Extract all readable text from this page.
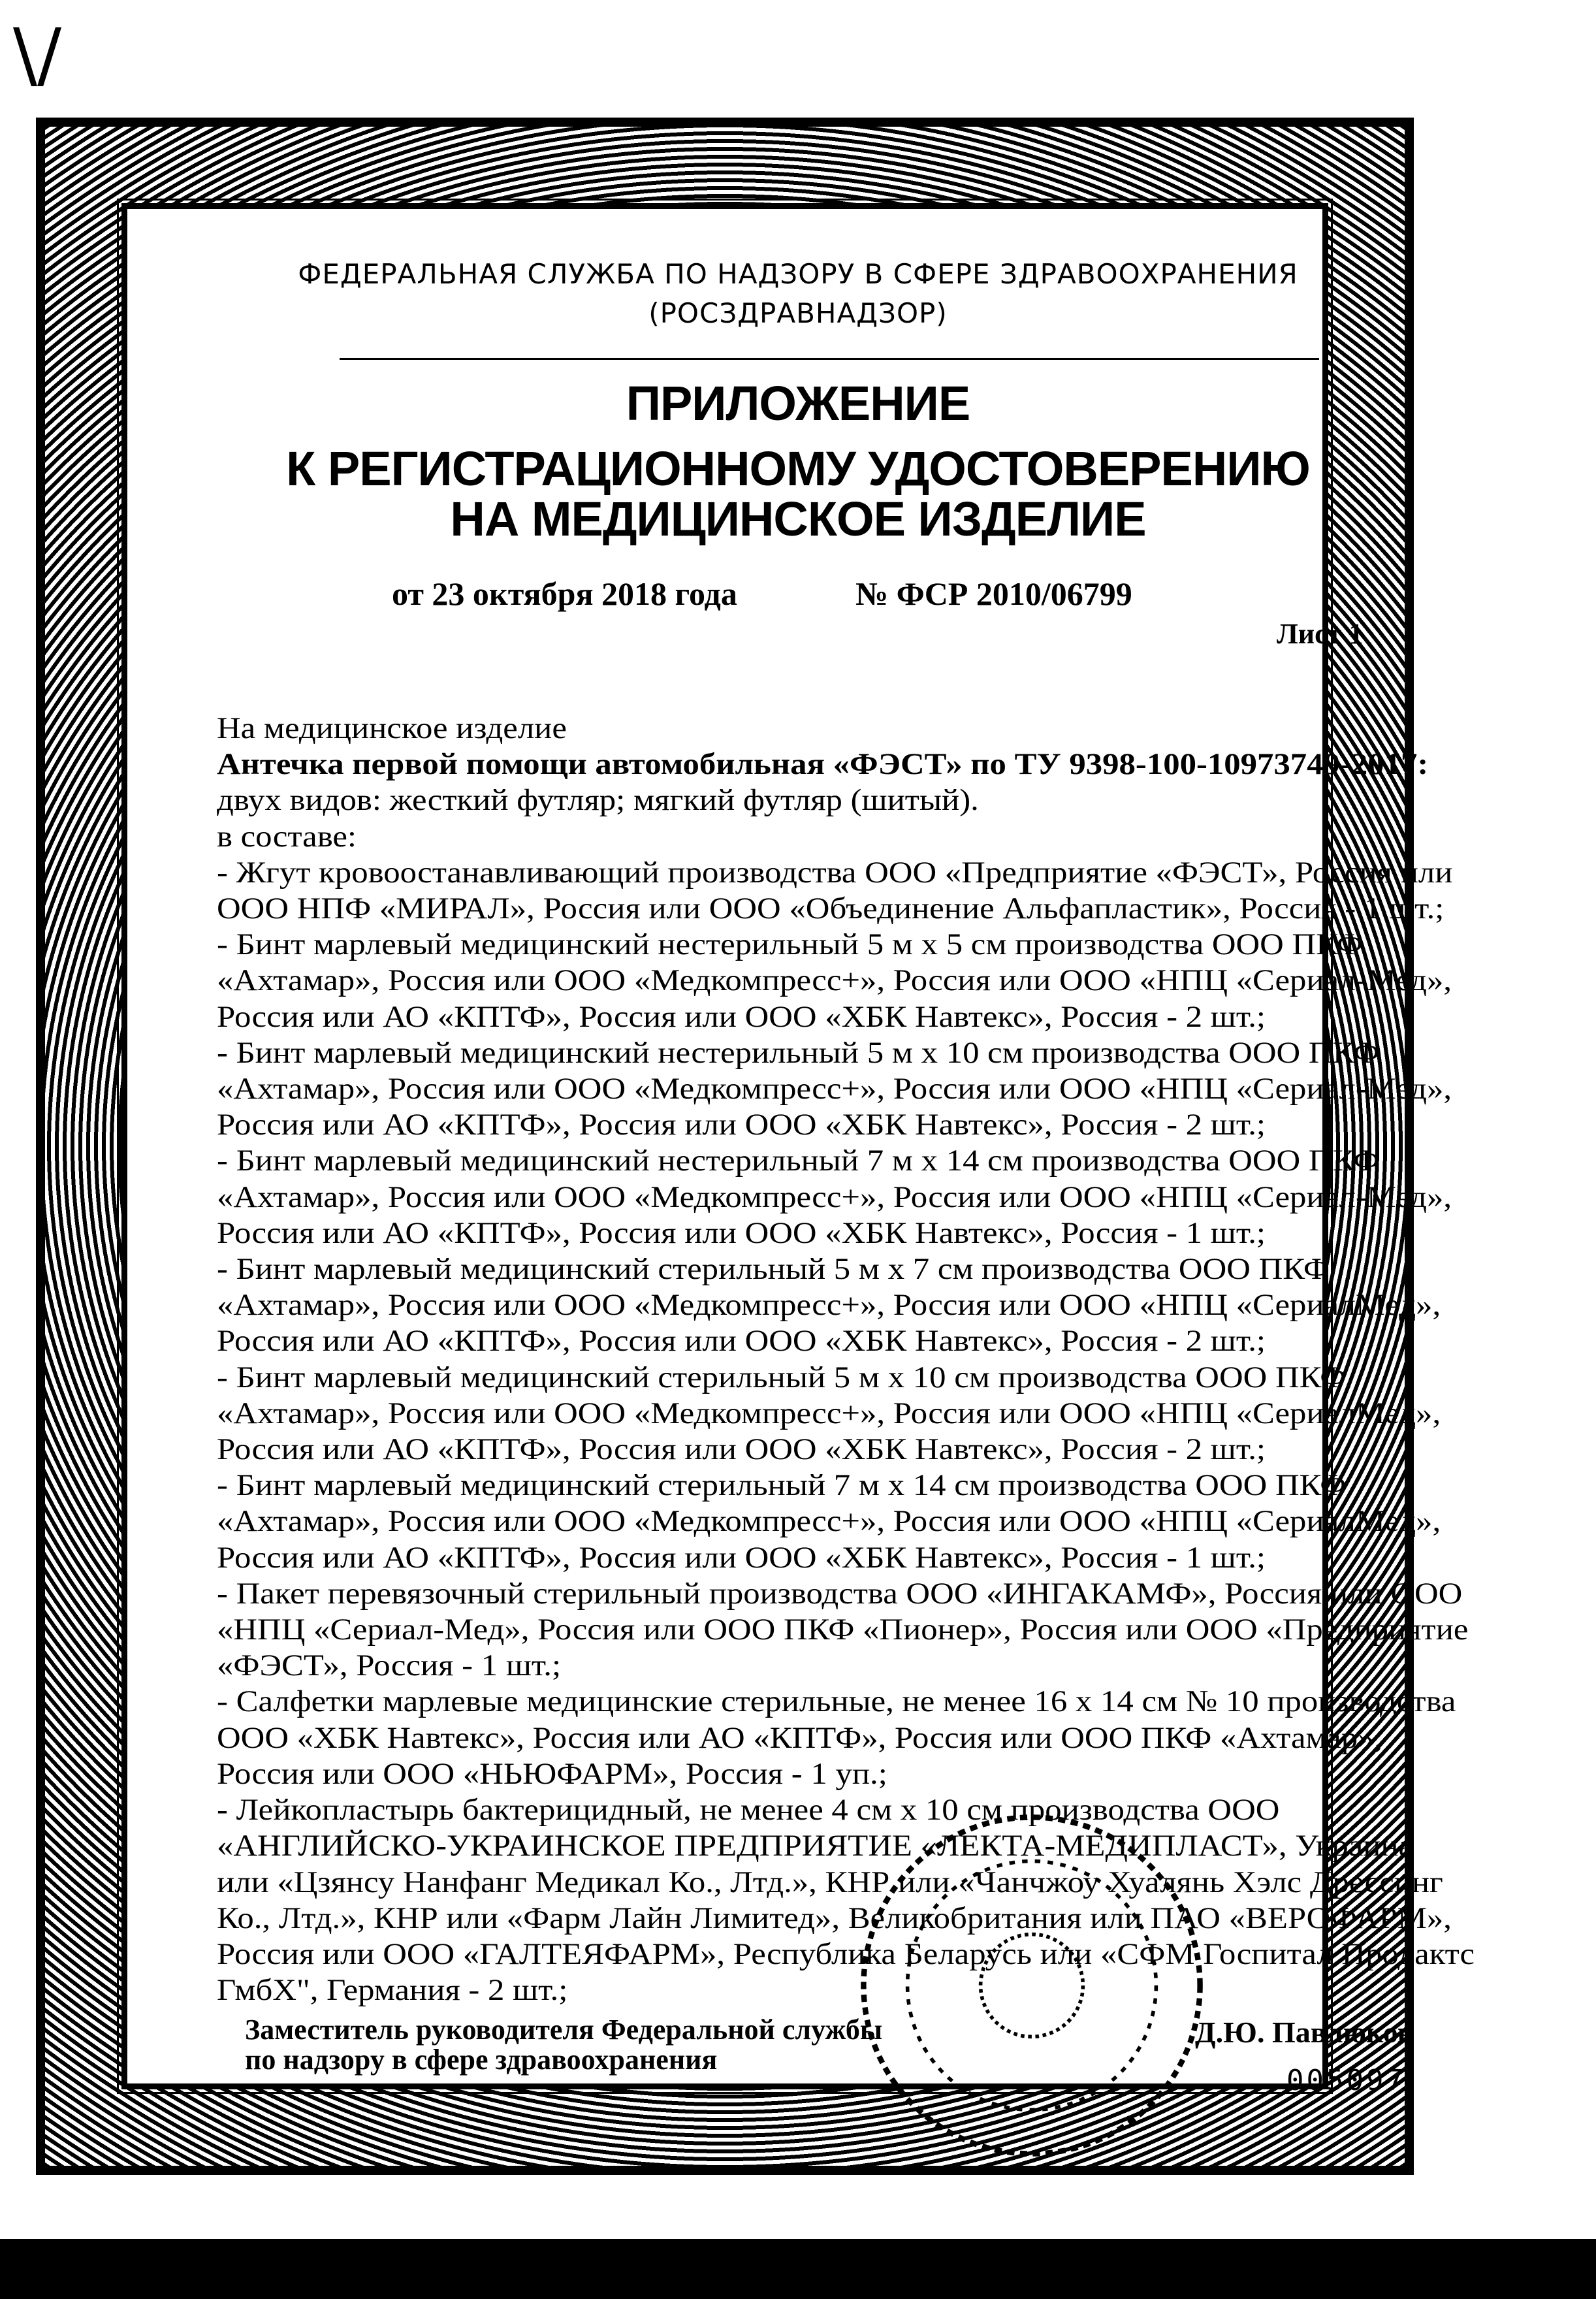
\/
ФЕДЕРАЛЬНАЯ СЛУЖБА ПО НАДЗОРУ В СФЕРЕ ЗДРАВООХРАНЕНИЯ
(РОСЗДРАВНАДЗОР)
ПРИЛОЖЕНИЕ
К РЕГИСТРАЦИОННОМУ УДОСТОВЕРЕНИЮ
НА МЕДИЦИНСКОЕ ИЗДЕЛИЕ
от 23 октября 2018 года	№ ФСР 2010/06799
Лист 1
На медицинское изделие
Антечка первой помощи автомобильная «ФЭСТ» по ТУ 9398-100-10973749-2017:
двух видов: жесткий футляр; мягкий футляр (шитый).
в составе:
- Жгут кровоостанавливающий производства ООО «Предприятие «ФЭСТ», Россия или
ООО НПФ «МИРАЛ», Россия или ООО «Объединение Альфапластик», Россия - 1 шт.;
- Бинт марлевый медицинский нестерильный 5 м х 5 см производства ООО ПКФ
«Ахтамар», Россия или ООО «Медкомпресс+», Россия или ООО «НПЦ «Сериал-Мед»,
Россия или АО «КПТФ», Россия или ООО «ХБК Навтекс», Россия - 2 шт.;
- Бинт марлевый медицинский нестерильный 5 м х 10 см производства ООО ПКФ
«Ахтамар», Россия или ООО «Медкомпресс+», Россия или ООО «НПЦ «Сериал-Мед»,
Россия или АО «КПТФ», Россия или ООО «ХБК Навтекс», Россия - 2 шт.;
- Бинт марлевый медицинский нестерильный 7 м х 14 см производства ООО ПКФ
«Ахтамар», Россия или ООО «Медкомпресс+», Россия или ООО «НПЦ «Сериал-Мед»,
Россия или АО «КПТФ», Россия или ООО «ХБК Навтекс», Россия - 1 шт.;
- Бинт марлевый медицинский стерильный 5 м х 7 см производства ООО ПКФ
«Ахтамар», Россия или ООО «Медкомпресс+», Россия или ООО «НПЦ «СериалМед»,
Россия или АО «КПТФ», Россия или ООО «ХБК Навтекс», Россия - 2 шт.;
- Бинт марлевый медицинский стерильный 5 м х 10 см производства ООО ПКФ
«Ахтамар», Россия или ООО «Медкомпресс+», Россия или ООО «НПЦ «СериалМед»,
Россия или АО «КПТФ», Россия или ООО «ХБК Навтекс», Россия - 2 шт.;
- Бинт марлевый медицинский стерильный 7 м х 14 см производства ООО ПКФ
«Ахтамар», Россия или ООО «Медкомпресс+», Россия или ООО «НПЦ «СериалМед»,
Россия или АО «КПТФ», Россия или ООО «ХБК Навтекс», Россия - 1 шт.;
- Пакет перевязочный стерильный производства ООО «ИНГАКАМФ», Россия или ООО
«НПЦ «Сериал-Мед», Россия или ООО ПКФ «Пионер», Россия или ООО «Предприятие
«ФЭСТ», Россия - 1 шт.;
- Салфетки марлевые медицинские стерильные, не менее 16 х 14 см № 10 производства
ООО «ХБК Навтекс», Россия или АО «КПТФ», Россия или ООО ПКФ «Ахтамар»,
Россия или ООО «НЬЮФАРМ», Россия - 1 уп.;
- Лейкопластырь бактерицидный, не менее 4 см х 10 см производства ООО
«АНГЛИЙСКО-УКРАИНСКОЕ ПРЕДПРИЯТИЕ «ЛЕКТА-МЕДИПЛАСТ», Украина
или «Цзянсу Нанфанг Медикал Ко., Лтд.», КНР или «Чанчжоу Хуалянь Хэлс Дрессинг
Ко., Лтд.», КНР или «Фарм Лайн Лимитед», Великобритания или ПАО «ВЕРОФАРМ»,
Россия или ООО «ГАЛТЕЯФАРМ», Республика Беларусь или «СФМ Госпитал Продактс
ГмбХ", Германия - 2 шт.;
Заместитель руководителя Федеральной службы
по надзору в сфере здравоохранения
Д.Ю. Павлюков
005097
